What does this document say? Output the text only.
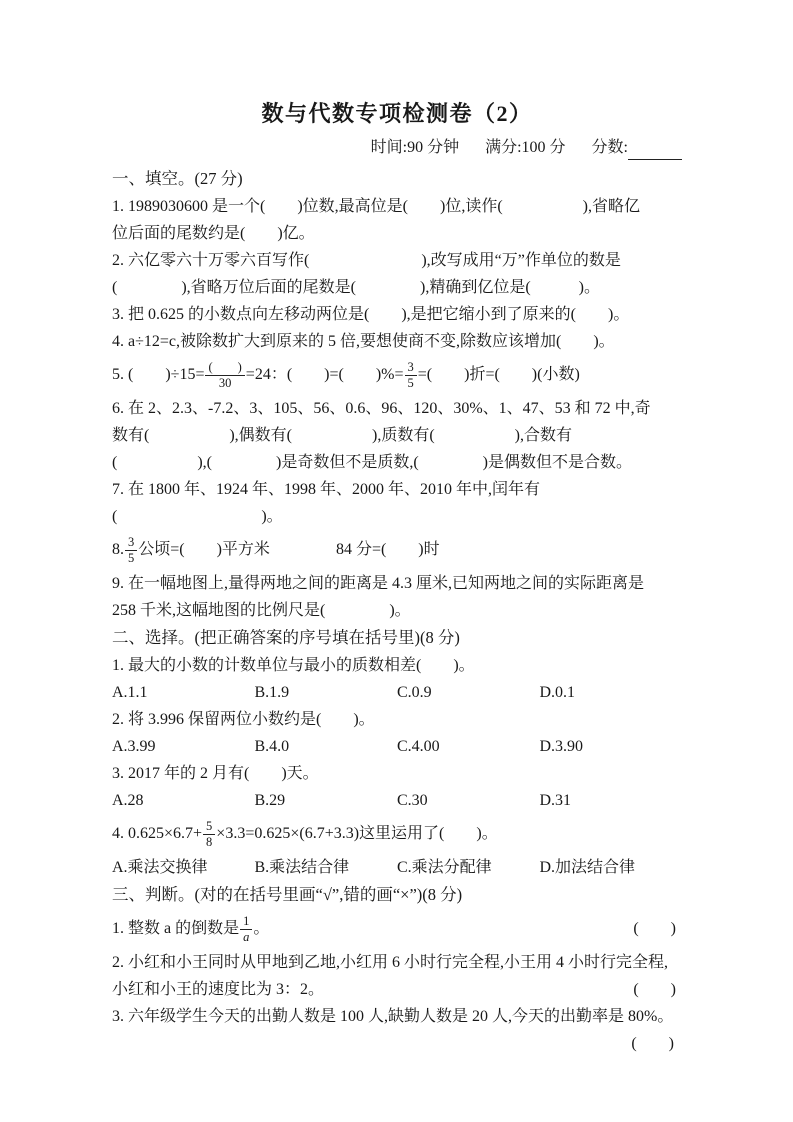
数与代数专项检测卷（2）
时间:90 分钟 满分:100 分 分数:
一、填空。(27 分)
1. 1989030600 是一个(　　)位数,最高位是(　　)位,读作(　　　　　),省略亿
位后面的尾数约是(　　)亿。
2. 六亿零六十万零六百写作(　　　　　　　),改写成用“万”作单位的数是
(　　　　),省略万位后面的尾数是(　　　　),精确到亿位是(　　　)。
3. 把 0.625 的小数点向左移动两位是(　　),是把它缩小到了原来的(　　)。
4. a÷12=c,被除数扩大到原来的 5 倍,要想使商不变,除数应该增加(　　)。
5. (　　)$\div 15= \frac{( )}{30} =24$：(　　)=(　　)%= $\frac{3}{5}$ =(　　)折=(　　)(小数)
6. 在 2、2.3、-7.2、3、105、56、0.6、96、120、30%、1、47、53 和 72 中,奇
数有(　　　　　),偶数有(　　　　　),质数有(　　　　　),合数有
(　　　　　),(　　　　)是奇数但不是质数,(　　　　)是偶数但不是合数。
7. 在 1800 年、1924 年、1998 年、2000 年、2010 年中,闰年有
(　　　　　　　　　)。
8. $\frac{3}{5}$ 公顷=(　　)平方米	84 分=(　　)时
9. 在一幅地图上,量得两地之间的距离是 4.3 厘米,已知两地之间的实际距离是
258 千米,这幅地图的比例尺是(　　　　)。
二、选择。(把正确答案的序号填在括号里)(8 分)
1. 最大的小数的计数单位与最小的质数相差(　　)。
A.1.1	B.1.9	C.0.9	D.0.1
2. 将 3.996 保留两位小数约是(　　)。
A.3.99	B.4.0	C.4.00	D.3.90
3. 2017 年的 2 月有(　　)天。
A.28	B.29	C.30	D.31
4. $0.625\times 6.7+ \frac{5}{8} \times 3.3=0.625\times(6.7+3.3)$这里运用了(　　)。
A.乘法交换律	B.乘法结合律	C.乘法分配律	D.加法结合律
三、判断。(对的在括号里画“√”,错的画“×”)(8 分)
1. 整数 a 的倒数是 $\frac{1}{a}$ 。	(　　)
2. 小红和小王同时从甲地到乙地,小红用 6 小时行完全程,小王用 4 小时行完全程,
小红和小王的速度比为 3：2。	(　　)
3. 六年级学生今天的出勤人数是 100 人,缺勤人数是 20 人,今天的出勤率是 80%。
(　　)
